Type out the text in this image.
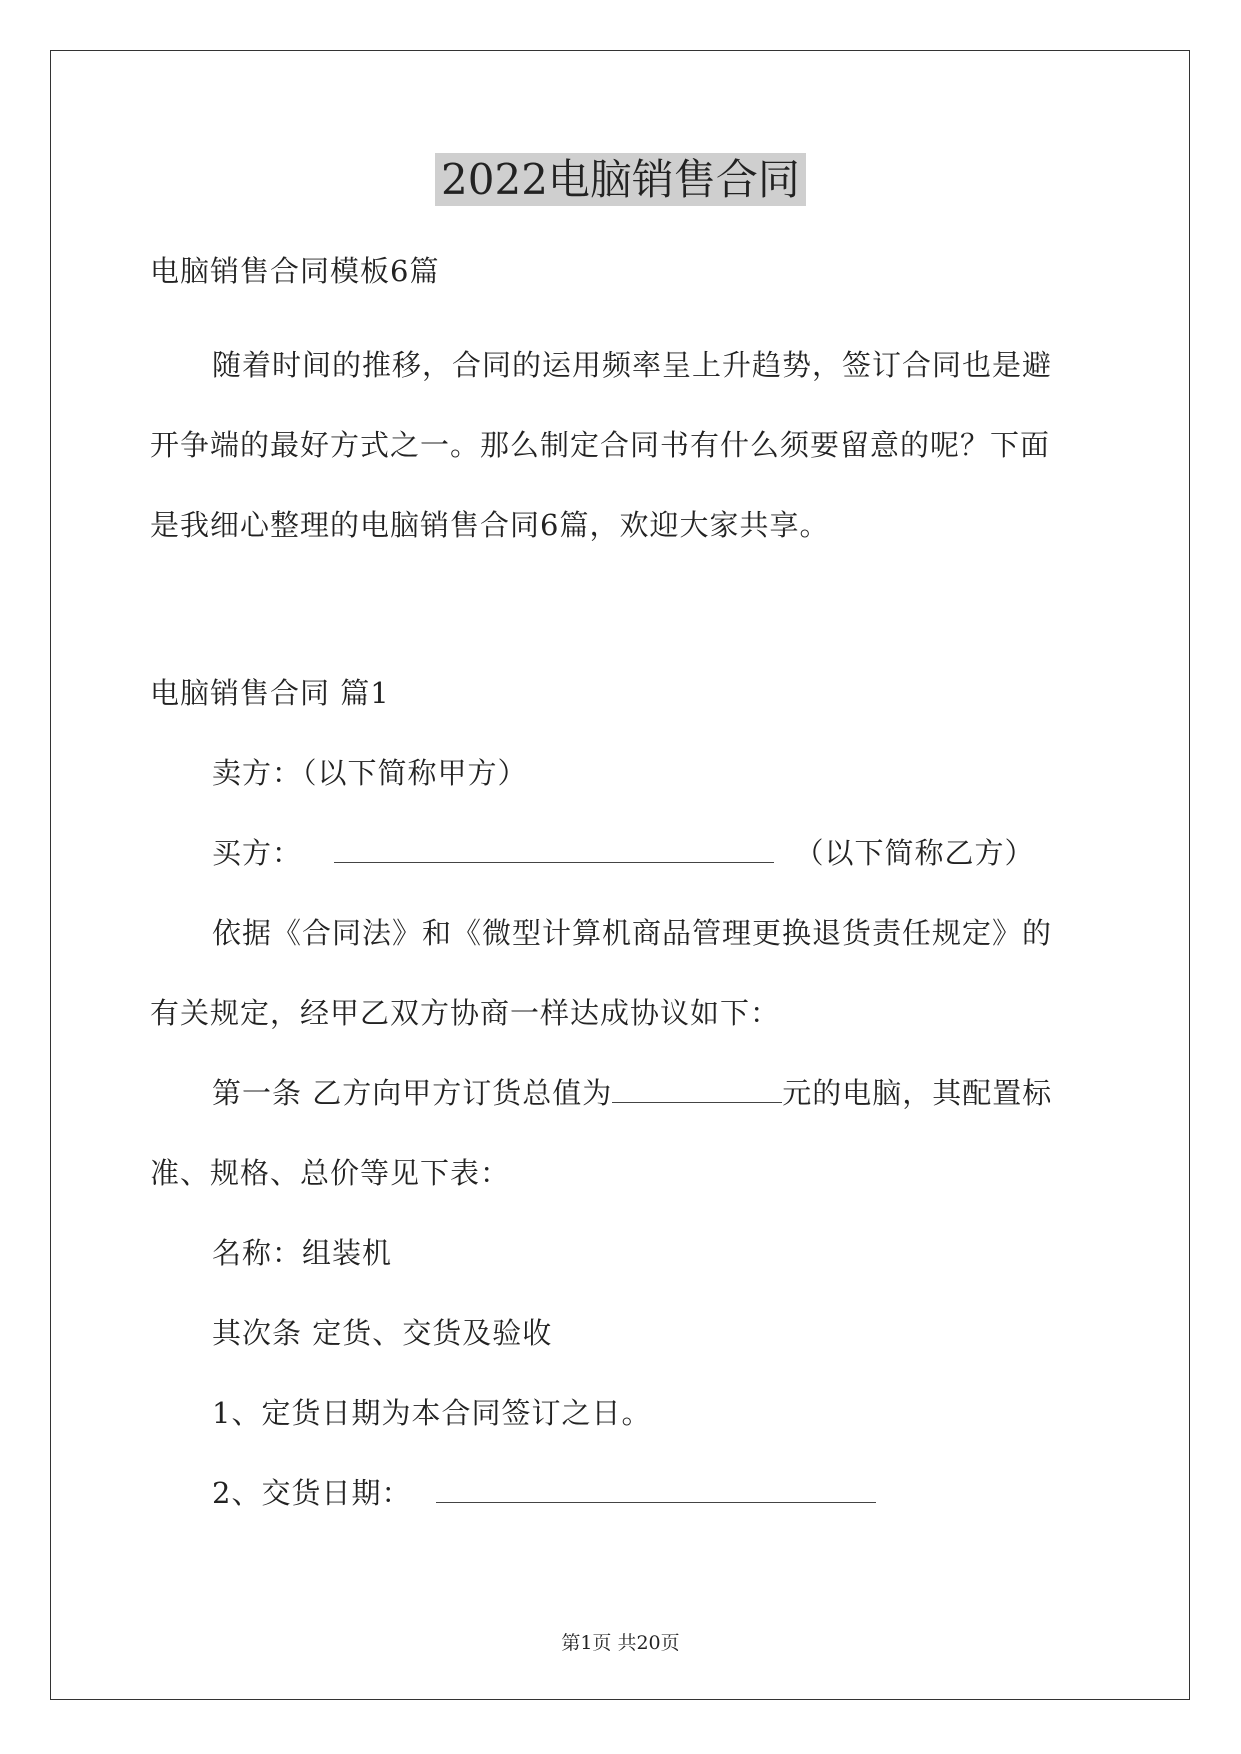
2022电脑销售合同
电脑销售合同模板6篇
随着时间的推移，合同的运用频率呈上升趋势，签订合同也是避
开争端的最好方式之一。那么制定合同书有什么须要留意的呢？下面
是我细心整理的电脑销售合同6篇，欢迎大家共享。
电脑销售合同 篇1
卖方：（以下简称甲方）
买方：	（以下简称乙方）
依据《合同法》和《微型计算机商品管理更换退货责任规定》的
有关规定，经甲乙双方协商一样达成协议如下：
第一条 乙方向甲方订货总值为	元的电脑，其配置标
准、规格、总价等见下表：
名称：组装机
其次条 定货、交货及验收
1、定货日期为本合同签订之日。
2、交货日期：
第1页 共20页
